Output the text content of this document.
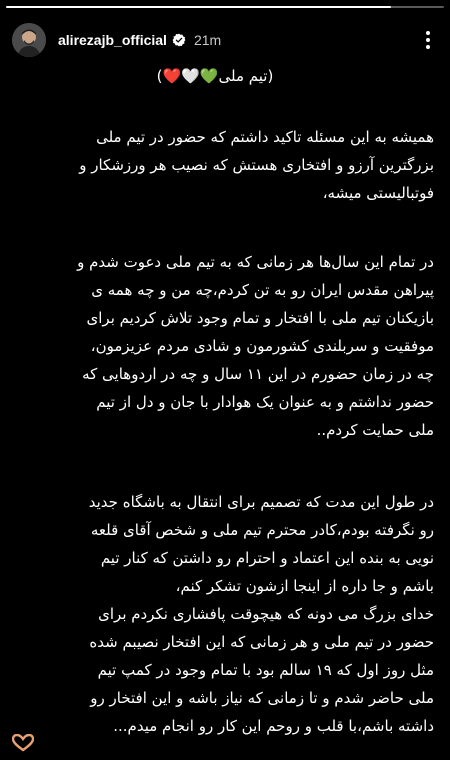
alirezajb_official 21m
(تیم ملی💚🤍❤️)
همیشه به این مسئله تاکید داشتم که حضور در تیم ملی
بزرگترین آرزو و افتخاری هستش که نصیب هر ورزشکار و
فوتبالیستی میشه،
در تمام این سال‌ها هر زمانی که به تیم ملی دعوت شدم و
پیراهن مقدس ایران رو به تن کردم،چه من و چه همه ی
بازیکنان تیم ملی با افتخار و تمام وجود تلاش کردیم برای
موفقیت و سربلندی کشورمون و شادی مردم عزیزمون،
چه در زمان حضورم در این ۱۱ سال و چه در اردوهایی که
حضور نداشتم و به عنوان یک هوادار با جان و دل از تیم
ملی حمایت کردم..
در طول این مدت که تصمیم برای انتقال به باشگاه جدید
رو نگرفته بودم،کادر محترم تیم ملی و شخص آقای قلعه
نویی به بنده این اعتماد و احترام رو داشتن که کنار تیم
باشم و جا داره از اینجا ازشون تشکر کنم،
خدای بزرگ می دونه که هیچوقت پافشاری نکردم برای
حضور در تیم ملی و هر زمانی که این افتخار نصیبم شده
مثل روز اول که ۱۹ سالم بود با تمام وجود در کمپ تیم
ملی حاضر شدم و تا زمانی که نیاز باشه و این افتخار رو
داشته باشم،با قلب و روحم این کار رو انجام میدم...
